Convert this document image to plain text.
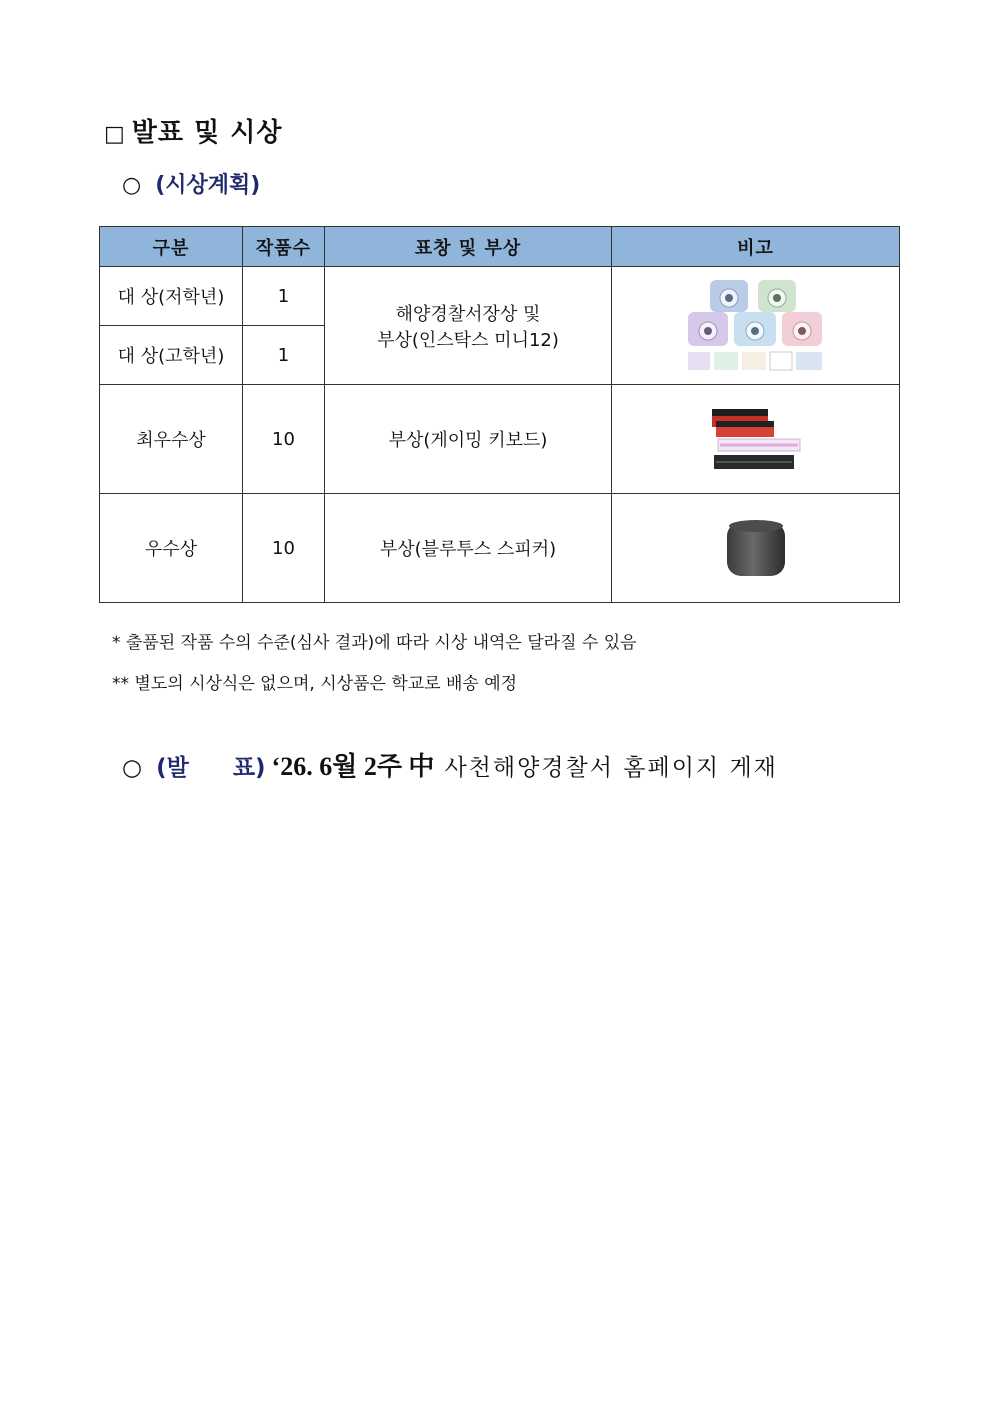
□ 발표 및 시상
○ (시상계획)
구분	작품수	표창 및 부상	비고
대 상(저학년)	1	해양경찰서장상 및
부상(인스탁스 미니12)

대 상(고학년)	1		
최우수상	10	부상(게이밍 키보드)	

우수상	10	부상(블루투스 스피커)	
* 출품된 작품 수의 수준(심사 결과)에 따라 시상 내역은 달라질 수 있음
** 별도의 시상식은 없으며, 시상품은 학교로 배송 예정
○ (발 표) ‘26. 6월 2주 中 사천해양경찰서 홈페이지 게재
